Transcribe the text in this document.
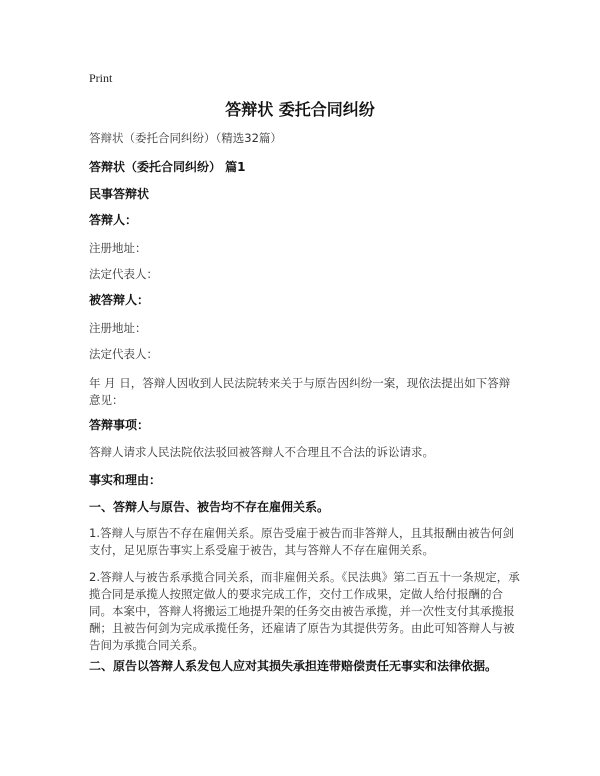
Print
答辩状 委托合同纠纷
答辩状（委托合同纠纷）（精选32篇）
答辩状（委托合同纠纷） 篇1
民事答辩状
答辩人：
注册地址：
法定代表人：
被答辩人：
注册地址：
法定代表人：
年 月 日，答辩人因收到人民法院转来关于与原告因纠纷一案，现依法提出如下答辩意见：
答辩事项：
答辩人请求人民法院依法驳回被答辩人不合理且不合法的诉讼请求。
事实和理由：
一、答辩人与原告、被告均不存在雇佣关系。
1.答辩人与原告不存在雇佣关系。原告受雇于被告而非答辩人，且其报酬由被告何剑支付，足见原告事实上系受雇于被告，其与答辩人不存在雇佣关系。
2.答辩人与被告系承揽合同关系，而非雇佣关系。《民法典》第二百五十一条规定，承揽合同是承揽人按照定做人的要求完成工作，交付工作成果，定做人给付报酬的合同。本案中，答辩人将搬运工地提升架的任务交由被告承揽，并一次性支付其承揽报酬；且被告何剑为完成承揽任务，还雇请了原告为其提供劳务。由此可知答辩人与被告间为承揽合同关系。
二、原告以答辩人系发包人应对其损失承担连带赔偿责任无事实和法律依据。
